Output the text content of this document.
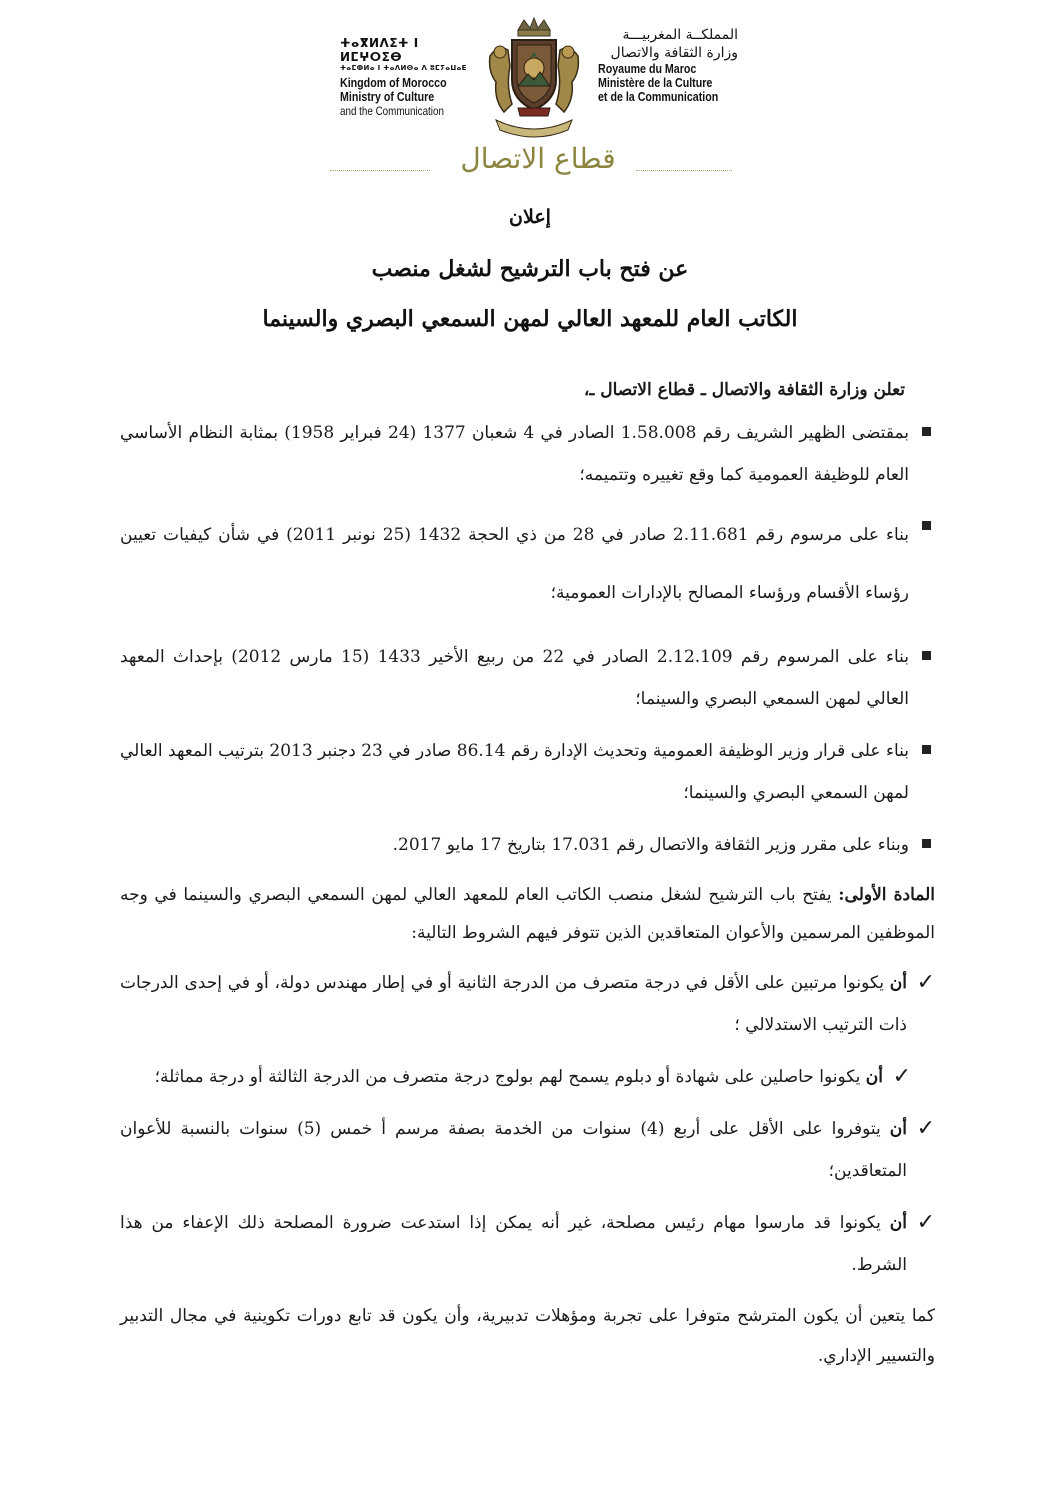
ⵜⴰⴳⵍⴷⵉⵜ ⵏ ⵍⵎⵖⵔⵉⴱ
ⵜⴰⵎⵀⵍⴰ ⵏ ⵜⴰⴷⵍⵙⴰ ⴷ ⵓⵎⵢⴰⵡⴰⴹ
Kingdom of Morocco
Ministry of Culture
and the Communication
المملكــة المغربيـــة
وزارة الثقافة والاتصال
Royaume du Maroc
Ministère de la Culture
et de la Communication
قطاع الاتصال
إعلان
عن فتح باب الترشيح لشغل منصب
الكاتب العام للمعهد العالي لمهن السمعي البصري والسينما
تعلن وزارة الثقافة والاتصال ـ قطاع الاتصال ـ،
بمقتضى الظهير الشريف رقم 1.58.008 الصادر في 4 شعبان 1377 (24 فبراير 1958) بمثابة النظام الأساسي العام للوظيفة العمومية كما وقع تغييره وتتميمه؛
بناء على مرسوم رقم 2.11.681 صادر في 28 من ذي الحجة 1432 (25 نونبر 2011) في شأن كيفيات تعيين رؤساء الأقسام ورؤساء المصالح بالإدارات العمومية؛
بناء على المرسوم رقم 2.12.109 الصادر في 22 من ربيع الأخير 1433 (15 مارس 2012) بإحداث المعهد العالي لمهن السمعي البصري والسينما؛
بناء على قرار وزير الوظيفة العمومية وتحديث الإدارة رقم 86.14 صادر في 23 دجنبر 2013 بترتيب المعهد العالي لمهن السمعي البصري والسينما؛
وبناء على مقرر وزير الثقافة والاتصال رقم 17.031 بتاريخ 17 مايو 2017.
المادة الأولى: يفتح باب الترشيح لشغل منصب الكاتب العام للمعهد العالي لمهن السمعي البصري والسينما في وجه الموظفين المرسمين والأعوان المتعاقدين الذين تتوفر فيهم الشروط التالية:
✓
أن يكونوا مرتبين على الأقل في درجة متصرف من الدرجة الثانية أو في إطار مهندس دولة، أو في إحدى الدرجات ذات الترتيب الاستدلالي ؛
✓
أن يكونوا حاصلين على شهادة أو دبلوم يسمح لهم بولوج درجة متصرف من الدرجة الثالثة أو درجة مماثلة؛
✓
أن يتوفروا على الأقل على أربع (4) سنوات من الخدمة بصفة مرسم أ خمس (5) سنوات بالنسبة للأعوان المتعاقدين؛
✓
أن يكونوا قد مارسوا مهام رئيس مصلحة، غير أنه يمكن إذا استدعت ضرورة المصلحة ذلك الإعفاء من هذا الشرط.
كما يتعين أن يكون المترشح متوفرا على تجربة ومؤهلات تدبيرية، وأن يكون قد تابع دورات تكوينية في مجال التدبير والتسيير الإداري.
